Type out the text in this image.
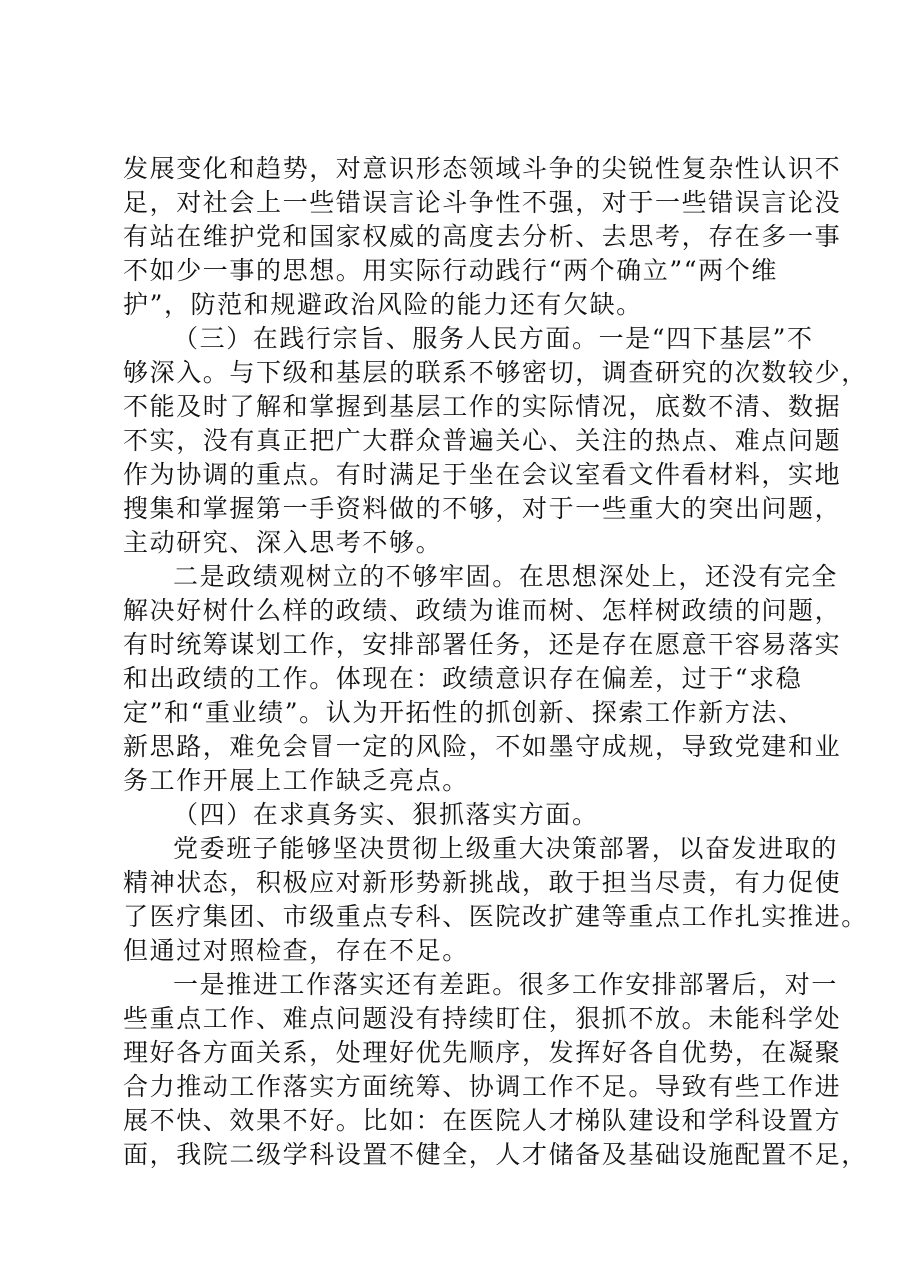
发展变化和趋势，对意识形态领域斗争的尖锐性复杂性认识不
足，对社会上一些错误言论斗争性不强，对于一些错误言论没
有站在维护党和国家权威的高度去分析、去思考，存在多一事
不如少一事的思想。用实际行动践行“两个确立”“两个维
护”，防范和规避政治风险的能力还有欠缺。
（三）在践行宗旨、服务人民方面。一是“四下基层”不
够深入。与下级和基层的联系不够密切，调查研究的次数较少，
不能及时了解和掌握到基层工作的实际情况，底数不清、数据
不实，没有真正把广大群众普遍关心、关注的热点、难点问题
作为协调的重点。有时满足于坐在会议室看文件看材料，实地
搜集和掌握第一手资料做的不够，对于一些重大的突出问题，
主动研究、深入思考不够。
二是政绩观树立的不够牢固。在思想深处上，还没有完全
解决好树什么样的政绩、政绩为谁而树、怎样树政绩的问题，
有时统筹谋划工作，安排部署任务，还是存在愿意干容易落实
和出政绩的工作。体现在：政绩意识存在偏差，过于“求稳
定”和“重业绩”。认为开拓性的抓创新、探索工作新方法、
新思路，难免会冒一定的风险，不如墨守成规，导致党建和业
务工作开展上工作缺乏亮点。
（四）在求真务实、狠抓落实方面。
党委班子能够坚决贯彻上级重大决策部署，以奋发进取的
精神状态，积极应对新形势新挑战，敢于担当尽责，有力促使
了医疗集团、市级重点专科、医院改扩建等重点工作扎实推进。
但通过对照检查，存在不足。
一是推进工作落实还有差距。很多工作安排部署后，对一
些重点工作、难点问题没有持续盯住，狠抓不放。未能科学处
理好各方面关系，处理好优先顺序，发挥好各自优势，在凝聚
合力推动工作落实方面统筹、协调工作不足。导致有些工作进
展不快、效果不好。比如：在医院人才梯队建设和学科设置方
面，我院二级学科设置不健全，人才储备及基础设施配置不足，
